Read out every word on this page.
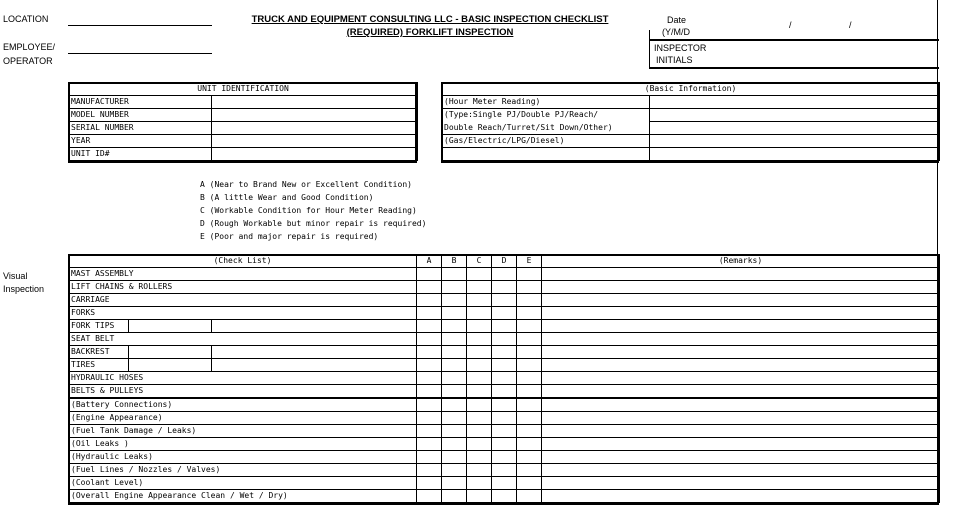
LOCATION
EMPLOYEE/
OPERATOR
TRUCK AND EQUIPMENT CONSULTING LLC - BASIC INSPECTION CHECKLIST
(REQUIRED) FORKLIFT INSPECTION
Date
(Y/M/D
/	/
INSPECTOR
INITIALS
UNIT IDENTIFICATION	
MANUFACTURER	
MODEL NUMBER	
SERIAL NUMBER	
YEAR	
UNIT ID#	
(Basic Information)	
(Hour Meter Reading)	
(Type:Single PJ/Double PJ/Reach/	
Double Reach/Turret/Sit Down/Other)	
(Gas/Electric/LPG/Diesel)	

A (Near to Brand New or Excellent Condition)
B (A little Wear and Good Condition)
C (Workable Condition for Hour Meter Reading)
D (Rough Workable but minor repair is required)
E (Poor and major repair is required)
Visual
Inspection
(Check List)			A	B	C	D	E	(Remarks)
MAST ASSEMBLY								
LIFT CHAINS & ROLLERS								
CARRIAGE								
FORKS								
FORK TIPS								
SEAT BELT								
BACKREST								
TIRES								
HYDRAULIC HOSES								
BELTS & PULLEYS								
(Battery Connections)								
(Engine Appearance)								
(Fuel Tank Damage / Leaks)								
(Oil Leaks )								
(Hydraulic Leaks)								
(Fuel Lines / Nozzles / Valves)								
(Coolant Level)								
(Overall Engine Appearance Clean / Wet / Dry)								
